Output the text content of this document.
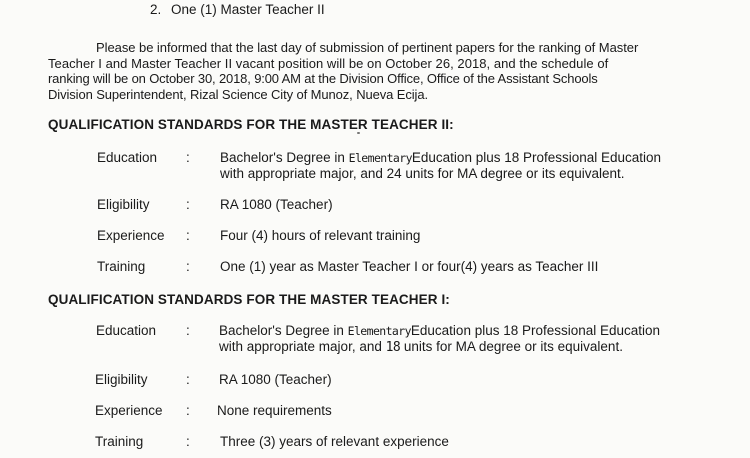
2. One (1) Master Teacher II
Please be informed that the last day of submission of pertinent papers for the ranking of Master
Teacher I and Master Teacher II vacant position will be on October 26, 2018, and the schedule of
ranking will be on October 30, 2018, 9:00 AM at the Division Office, Office of the Assistant Schools
Division Superintendent, Rizal Science City of Munoz, Nueva Ecija.
QUALIFICATION STANDARDS FOR THE MASTER TEACHER II:
Education : Bachelor's Degree in ElementaryEducation plus 18 Professional Education
with appropriate major, and 24 units for MA degree or its equivalent.
Eligibility	: RA 1080 (Teacher)
Experience : Four (4) hours of relevant training
Training	: One (1) year as Master Teacher I or four(4) years as Teacher III
QUALIFICATION STANDARDS FOR THE MASTER TEACHER I:
Education : Bachelor's Degree in ElementaryEducation plus 18 Professional Education
with appropriate major, and 18 units for MA degree or its equivalent.
Eligibility	: RA 1080 (Teacher)
Experience : None requirements
Training	: Three (3) years of relevant experience
